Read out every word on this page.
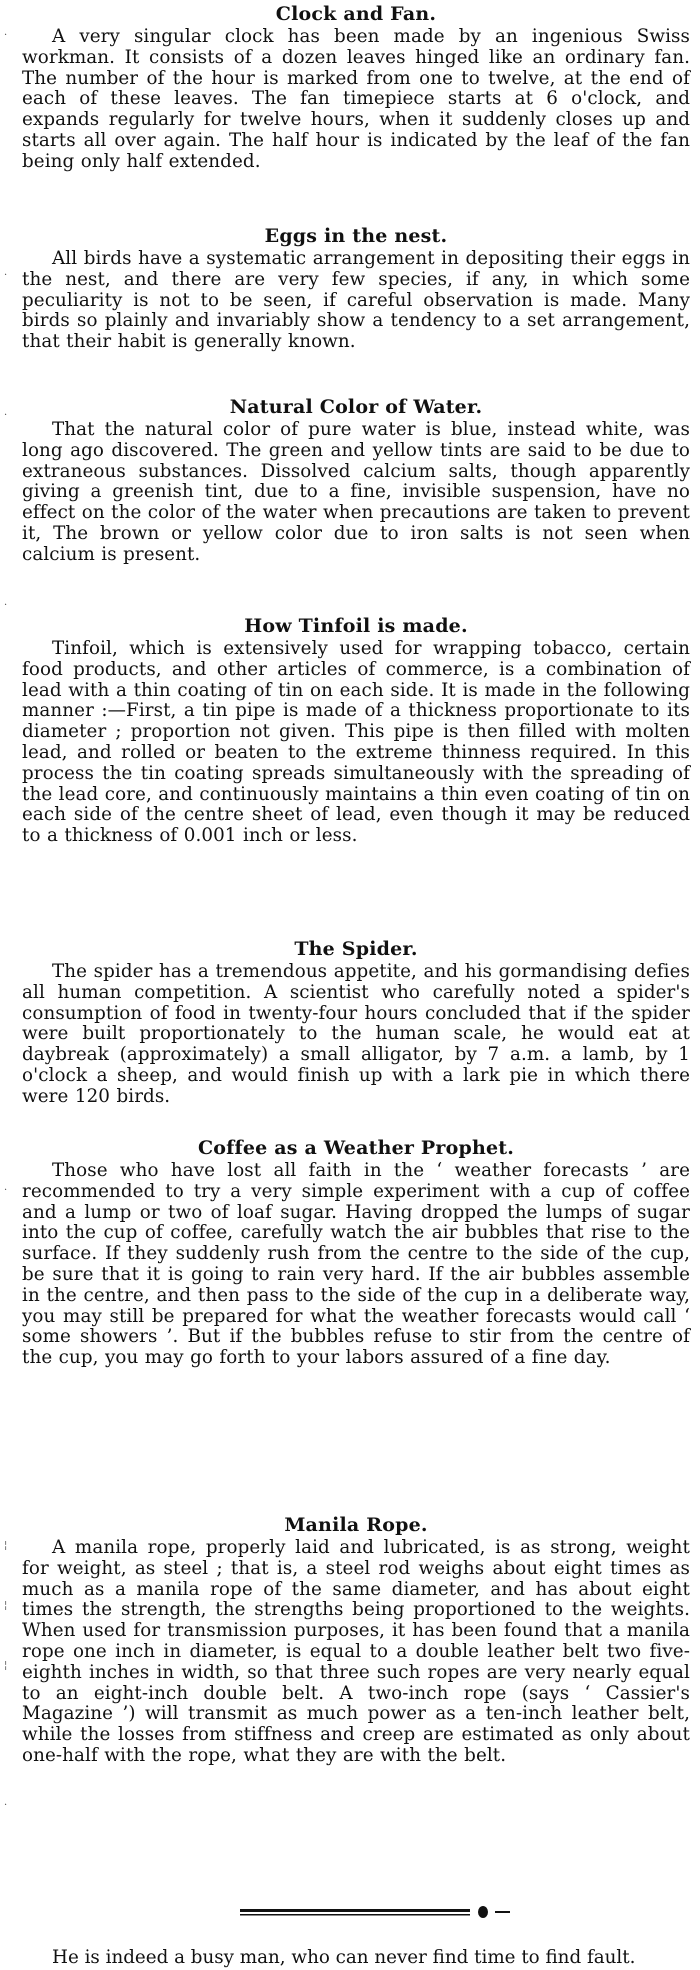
Clock and Fan.

A very singular clock has been made by an ingenious Swiss workman. It consists of a dozen leaves hinged like an ordinary fan. The number of the hour is marked from one to twelve, at the end of each of these leaves. The fan timepiece starts at 6 o'clock, and expands regularly for twelve hours, when it suddenly closes up and starts all over again. The half hour is indicated by the leaf of the fan being only half extended.

Eggs in the nest.

All birds have a systematic arrangement in depositing their eggs in the nest, and there are very few species, if any, in which some peculiarity is not to be seen, if careful observation is made. Many birds so plainly and invariably show a tendency to a set arrangement, that their habit is generally known.

Natural Color of Water.

That the natural color of pure water is blue, instead white, was long ago discovered. The green and yellow tints are said to be due to extraneous substances. Dissolved calcium salts, though apparently giving a greenish tint, due to a fine, invisible suspension, have no effect on the color of the water when precautions are taken to prevent it, The brown or yellow color due to iron salts is not seen when calcium is present.

How Tinfoil is made.

Tinfoil, which is extensively used for wrapping tobacco, certain food products, and other articles of commerce, is a combination of lead with a thin coating of tin on each side. It is made in the following manner :—First, a tin pipe is made of a thickness proportionate to its diameter ; proportion not given. This pipe is then filled with molten lead, and rolled or beaten to the extreme thinness required. In this process the tin coating spreads simultaneously with the spreading of the lead core, and continuously maintains a thin even coating of tin on each side of the centre sheet of lead, even though it may be reduced to a thickness of 0.001 inch or less.

The Spider.

The spider has a tremendous appetite, and his gormandising defies all human competition. A scientist who carefully noted a spider's consumption of food in twenty-four hours concluded that if the spider were built proportionately to the human scale, he would eat at daybreak (approximately) a small alligator, by 7 a.m. a lamb, by 1 o'clock a sheep, and would finish up with a lark pie in which there were 120 birds.

Coffee as a Weather Prophet.

Those who have lost all faith in the ‘ weather forecasts ’ are recommended to try a very simple experiment with a cup of coffee and a lump or two of loaf sugar. Having dropped the lumps of sugar into the cup of coffee, carefully watch the air bubbles that rise to the surface. If they suddenly rush from the centre to the side of the cup, be sure that it is going to rain very hard. If the air bubbles assemble in the centre, and then pass to the side of the cup in a deliberate way, you may still be prepared for what the weather forecasts would call ‘ some showers ’. But if the bubbles refuse to stir from the centre of the cup, you may go forth to your labors assured of a fine day.

Manila Rope.

A manila rope, properly laid and lubricated, is as strong, weight for weight, as steel ; that is, a steel rod weighs about eight times as much as a manila rope of the same diameter, and has about eight times the strength, the strengths being proportioned to the weights. When used for transmission purposes, it has been found that a manila rope one inch in diameter, is equal to a double leather belt two five-eighth inches in width, so that three such ropes are very nearly equal to an eight-inch double belt. A two-inch rope (says ‘ Cassier's Magazine ’) will transmit as much power as a ten-inch leather belt, while the losses from stiffness and creep are estimated as only about one-half with the rope, what they are with the belt.

He is indeed a busy man, who can never find time to find fault.

·
·
·
·
·
¦
¦
¦
·
